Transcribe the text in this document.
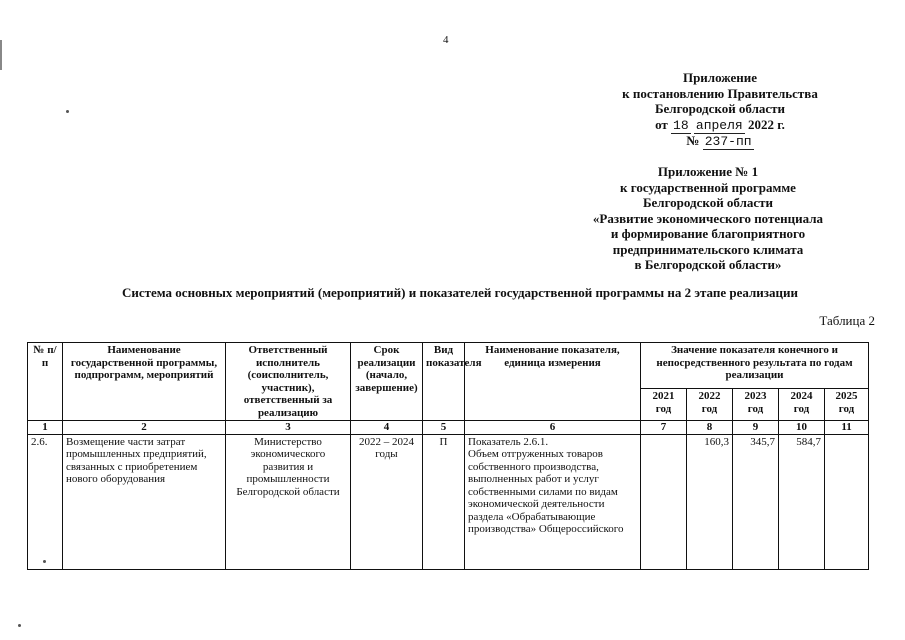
4
Приложение
к постановлению Правительства
Белгородской области
от 18 апреля 2022 г.
№ 237-пп
Приложение № 1
к государственной программе
Белгородской области
«Развитие экономического потенциала
и формирование благоприятного
предпринимательского климата
в Белгородской области»
Система основных мероприятий (мероприятий) и показателей государственной программы на 2 этапе реализации
Таблица 2
№ п/п	Наименование государственной программы, подпрограмм, мероприятий	Ответственный исполнитель (соисполнитель, участник), ответственный за реализацию	Срок реализации (начало, завершение)	Вид показателя	Наименование показателя, единица измерения	Значение показателя конечного и непосредственного результата по годам реализации				
						2021 год	2022 год	2023 год	2024 год	2025 год
1	2	3	4	5	6	7	8	9	10	11
2.6.	Возмещение части затрат промышленных предприятий, связанных с приобретением нового оборудования	Министерство экономического развития и промышленности Белгородской области	2022 – 2024 годы	П	Показатель 2.6.1.
Объем отгруженных товаров собственного производства, выполненных работ и услуг собственными силами по видам экономической деятельности раздела «Обрабатывающие производства» Общероссийского		160,3	345,7	584,7	
